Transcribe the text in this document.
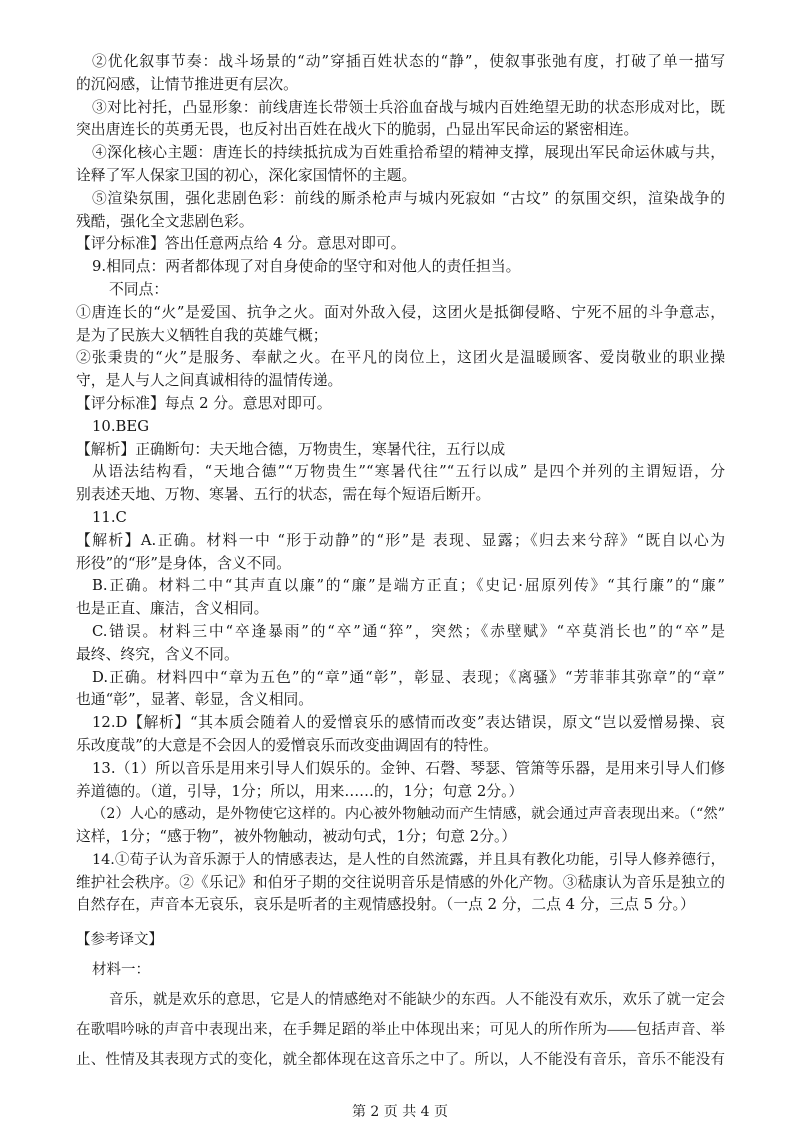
②优化叙事节奏：战斗场景的“动”穿插百姓状态的“静”，使叙事张弛有度，打破了单一描写
的沉闷感，让情节推进更有层次。
③对比衬托，凸显形象：前线唐连长带领士兵浴血奋战与城内百姓绝望无助的状态形成对比，既
突出唐连长的英勇无畏，也反衬出百姓在战火下的脆弱，凸显出军民命运的紧密相连。
④深化核心主题：唐连长的持续抵抗成为百姓重拾希望的精神支撑，展现出军民命运休戚与共，
诠释了军人保家卫国的初心，深化家国情怀的主题。
⑤渲染氛围，强化悲剧色彩：前线的厮杀枪声与城内死寂如 “古坟” 的氛围交织，渲染战争的
残酷，强化全文悲剧色彩。
【评分标准】答出任意两点给 4 分。意思对即可。
9.相同点：两者都体现了对自身使命的坚守和对他人的责任担当。
不同点：
①唐连长的“火”是爱国、抗争之火。面对外敌入侵，这团火是抵御侵略、宁死不屈的斗争意志，
是为了民族大义牺牲自我的英雄气概；
②张秉贵的“火”是服务、奉献之火。在平凡的岗位上，这团火是温暖顾客、爱岗敬业的职业操
守，是人与人之间真诚相待的温情传递。
【评分标准】每点 2 分。意思对即可。
10.BEG
【解析】正确断句：夫天地合德，万物贵生，寒暑代往，五行以成
从语法结构看，“天地合德”“万物贵生”“寒暑代往”“五行以成” 是四个并列的主谓短语，分
别表述天地、万物、寒暑、五行的状态，需在每个短语后断开。
11.C
【解析】A.正确。材料一中 “形于动静”的“形”是 表现、显露；《归去来兮辞》“既自以心为
形役”的“形”是身体，含义不同。
B.正确。材料二中“其声直以廉”的“廉”是端方正直；《史记·屈原列传》“其行廉”的“廉”
也是正直、廉洁，含义相同。
C.错误。材料三中“卒逢暴雨”的“卒”通“猝”，突然；《赤壁赋》“卒莫消长也”的“卒”是
最终、终究，含义不同。
D.正确。材料四中“章为五色”的“章”通“彰”，彰显、表现；《离骚》“芳菲菲其弥章”的“章”
也通“彰”，显著、彰显，含义相同。
12.D【解析】“其本质会随着人的爱憎哀乐的感情而改变”表达错误，原文“岂以爱憎易操、哀
乐改度哉”的大意是不会因人的爱憎哀乐而改变曲调固有的特性。
13.（1）所以音乐是用来引导人们娱乐的。金钟、石磬、琴瑟、管箫等乐器，是用来引导人们修
养道德的。（道，引导，1分；所以，用来……的，1分；句意 2分。）
（2）人心的感动，是外物使它这样的。内心被外物触动而产生情感，就会通过声音表现出来。（“然”
这样，1分；“感于物”，被外物触动，被动句式，1分；句意 2分。）
14.①荀子认为音乐源于人的情感表达，是人性的自然流露，并且具有教化功能，引导人修养德行，
维护社会秩序。②《乐记》和伯牙子期的交往说明音乐是情感的外化产物。③嵇康认为音乐是独立的
自然存在，声音本无哀乐，哀乐是听者的主观情感投射。（一点 2 分，二点 4 分，三点 5 分。）
【参考译文】
材料一：
音乐，就是欢乐的意思，它是人的情感绝对不能缺少的东西。人不能没有欢乐，欢乐了就一定会
在歌唱吟咏的声音中表现出来，在手舞足蹈的举止中体现出来；可见人的所作所为——包括声音、举
止、性情及其表现方式的变化，就全都体现在这音乐之中了。所以，人不能没有音乐，音乐不能没有
第 2 页 共 4 页
